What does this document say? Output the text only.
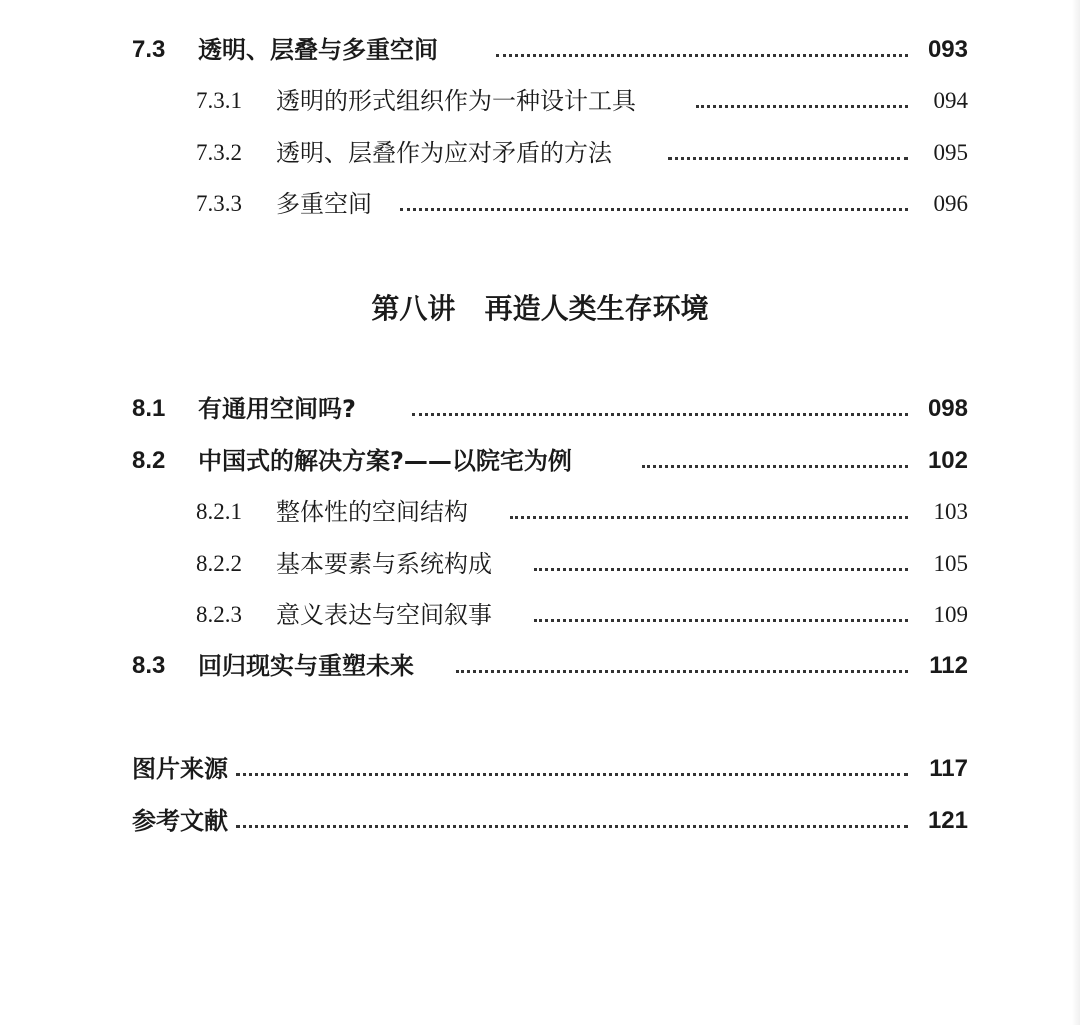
7.3 透明、层叠与多重空间	093
7.3.1 透明的形式组织作为一种设计工具	094
7.3.2 透明、层叠作为应对矛盾的方法	095
7.3.3 多重空间	096
第八讲 再造人类生存环境
8.1 有通用空间吗?	098
8.2 中国式的解决方案?——以院宅为例	102
8.2.1 整体性的空间结构	103
8.2.2 基本要素与系统构成	105
8.2.3 意义表达与空间叙事	109
8.3 回归现实与重塑未来	112
图片来源	117
参考文献	121
